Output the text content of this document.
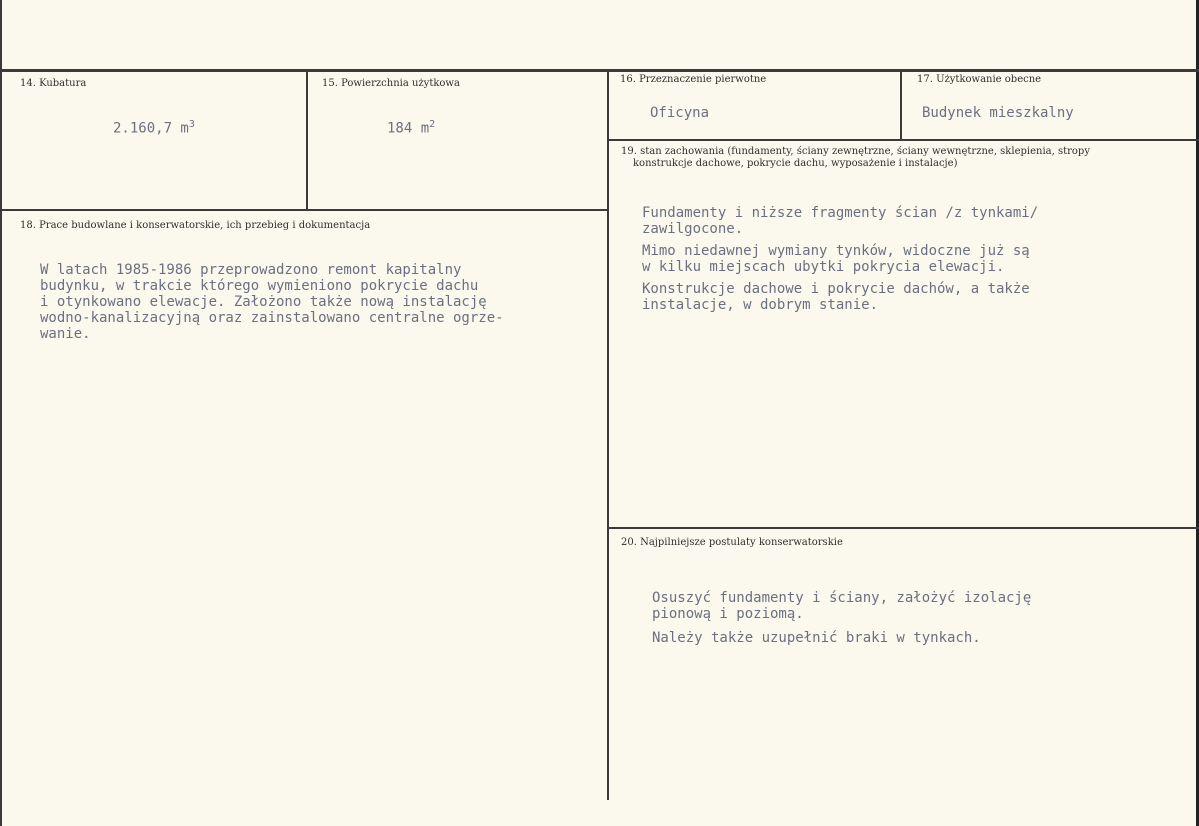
14. Kubatura
2.160,7 $m^3$
15. Powierzchnia użytkowa
184 $m^2$
16. Przeznaczenie pierwotne
Oficyna
17. Użytkowanie obecne
Budynek mieszkalny
18. Prace budowlane i konserwatorskie, ich przebieg i dokumentacja

W latach 1985-1986 przeprowadzono remont kapitalny
budynku, w trakcie którego wymieniono pokrycie dachu
i otynkowano elewacje. Założono także nową instalację
wodno-kanalizacyjną oraz zainstalowano centralne ogrze-
wanie.

19. stan zachowania (fundamenty, ściany zewnętrzne, ściany wewnętrzne, sklepienia, stropy
konstrukcje dachowe, pokrycie dachu, wyposażenie i instalacje)

Fundamenty i niższe fragmenty ścian /z tynkami/
zawilgocone.
Mimo niedawnej wymiany tynków, widoczne już są
w kilku miejscach ubytki pokrycia elewacji.
Konstrukcje dachowe i pokrycie dachów, a także
instalacje, w dobrym stanie.

20. Najpilniejsze postulaty konserwatorskie

Osuszyć fundamenty i ściany, założyć izolację
pionową i poziomą.
Należy także uzupełnić braki w tynkach.
